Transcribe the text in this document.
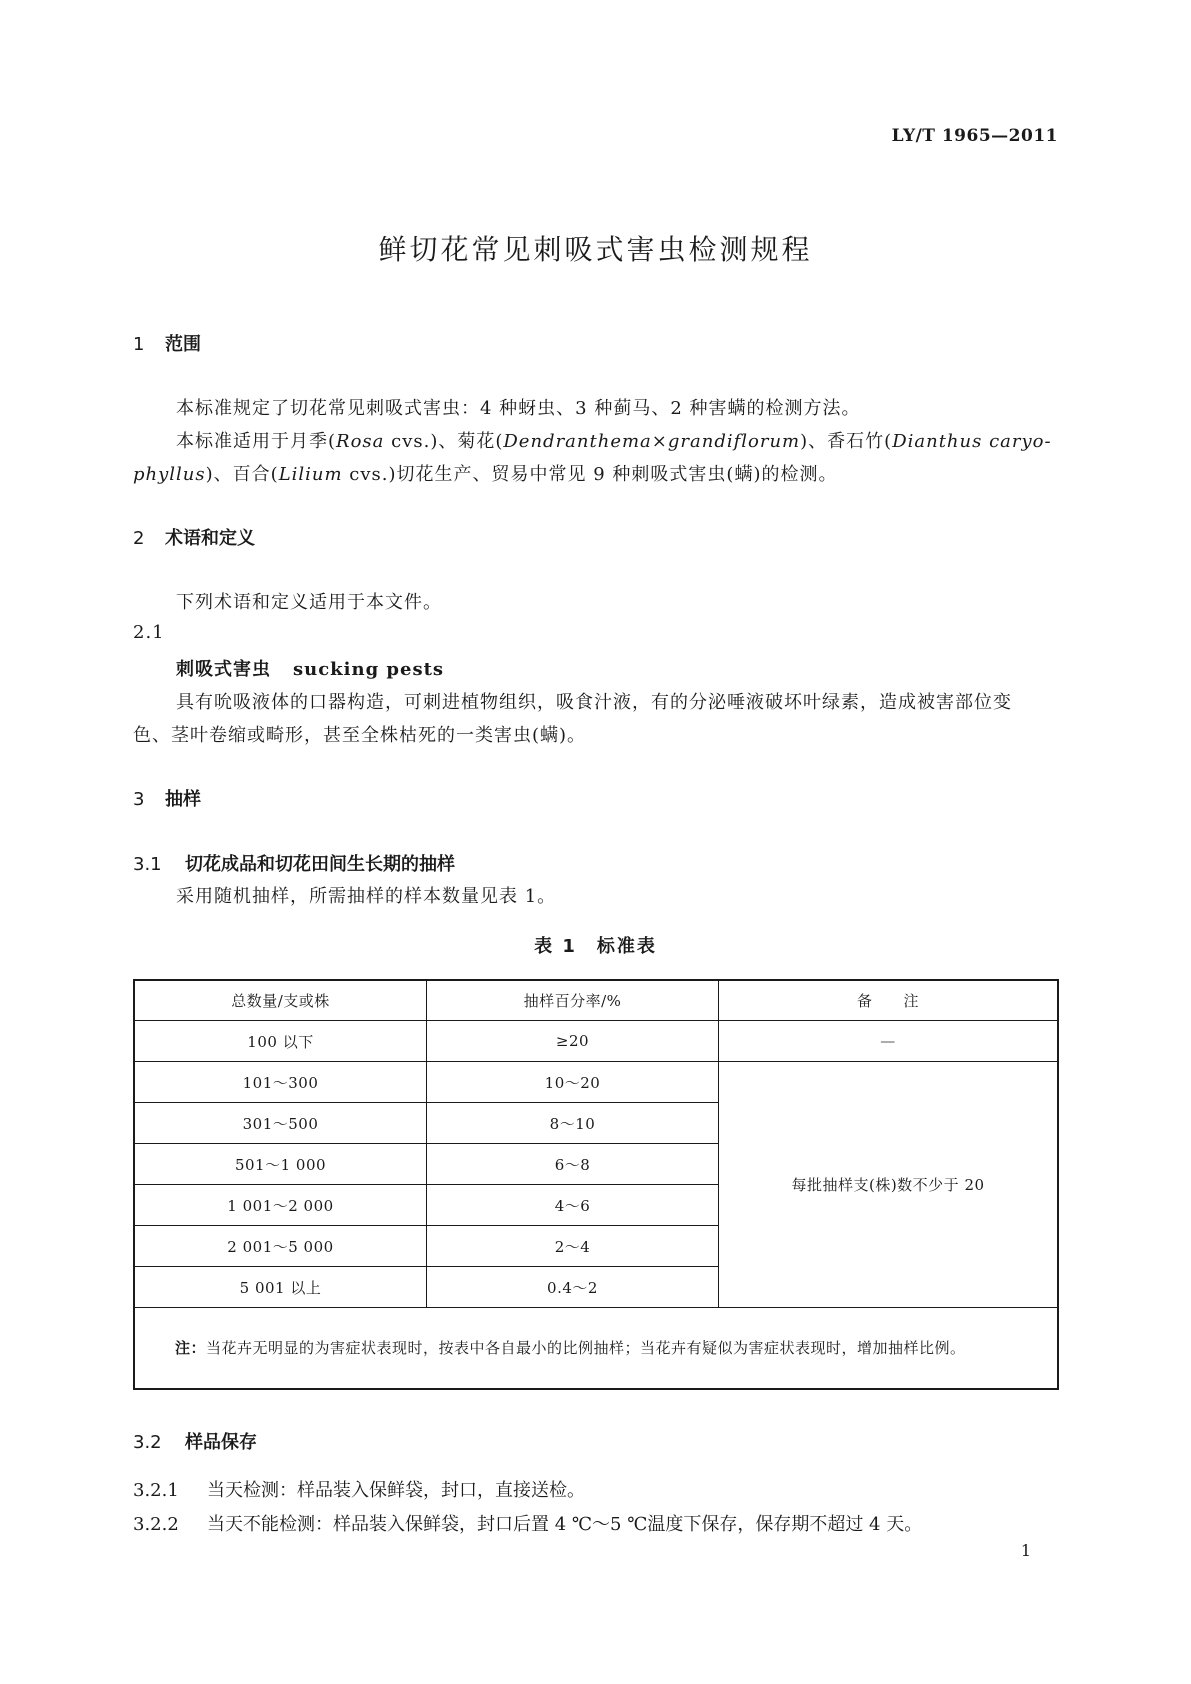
LY/T 1965—2011
鲜切花常见刺吸式害虫检测规程
1 范围
本标准规定了切花常见刺吸式害虫：4 种蚜虫、3 种蓟马、2 种害螨的检测方法。
本标准适用于月季(Rosa cvs.)、菊花(Dendranthema×grandiflorum)、香石竹(Dianthus caryo-
phyllus)、百合(Lilium cvs.)切花生产、贸易中常见 9 种刺吸式害虫(螨)的检测。
2 术语和定义
下列术语和定义适用于本文件。
2.1
刺吸式害虫 sucking pests
具有吮吸液体的口器构造，可刺进植物组织，吸食汁液，有的分泌唾液破坏叶绿素，造成被害部位变
色、茎叶卷缩或畸形，甚至全株枯死的一类害虫(螨)。
3 抽样
3.1 切花成品和切花田间生长期的抽样
采用随机抽样，所需抽样的样本数量见表 1。
表 1　标准表
总数量/支或株	抽样百分率/%	备　　注
100 以下	≥20	—
101～300	10～20	每批抽样支(株)数不少于 20
301～500	8～10	
501～1 000	6～8	
1 001～2 000	4～6	
2 001～5 000	2～4	
5 001 以上	0.4～2	
注：当花卉无明显的为害症状表现时，按表中各自最小的比例抽样；当花卉有疑似为害症状表现时，增加抽样比例。		
3.2 样品保存
3.2.1 当天检测：样品装入保鲜袋，封口，直接送检。
3.2.2 当天不能检测：样品装入保鲜袋，封口后置 4 ℃～5 ℃温度下保存，保存期不超过 4 天。
1
